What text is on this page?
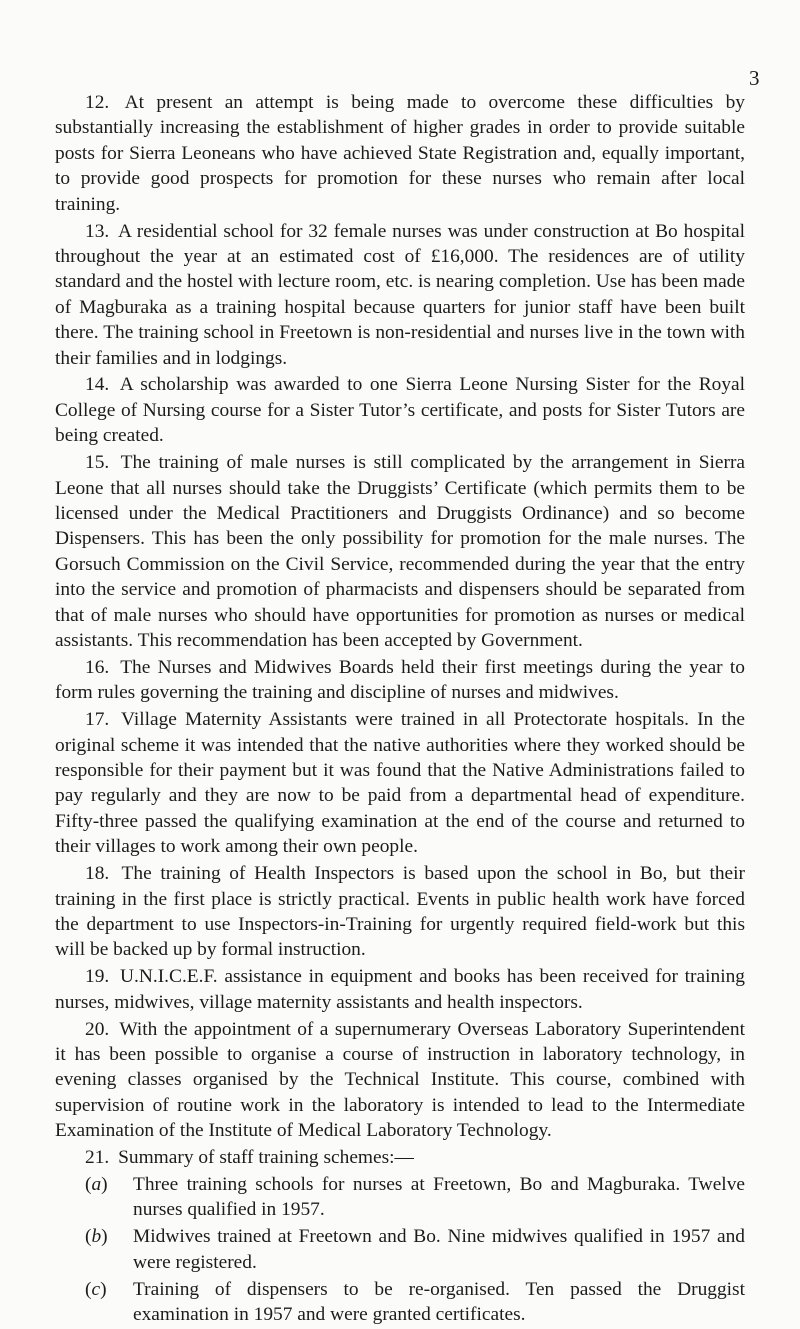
3

12. At present an attempt is being made to overcome these difficulties by substantially increasing the establishment of higher grades in order to provide suitable posts for Sierra Leoneans who have achieved State Registration and, equally important, to provide good prospects for promotion for these nurses who remain after local training.

13. A residential school for 32 female nurses was under construction at Bo hospital throughout the year at an estimated cost of £16,000. The residences are of utility standard and the hostel with lecture room, etc. is nearing completion. Use has been made of Magburaka as a training hospital because quarters for junior staff have been built there. The training school in Freetown is non-residential and nurses live in the town with their families and in lodgings.

14. A scholarship was awarded to one Sierra Leone Nursing Sister for the Royal College of Nursing course for a Sister Tutor’s certificate, and posts for Sister Tutors are being created.

15. The training of male nurses is still complicated by the arrangement in Sierra Leone that all nurses should take the Druggists’ Certificate (which permits them to be licensed under the Medical Practitioners and Druggists Ordinance) and so become Dispensers. This has been the only possibility for promotion for the male nurses. The Gorsuch Commission on the Civil Service, recommended during the year that the entry into the service and promotion of pharmacists and dispensers should be separated from that of male nurses who should have opportunities for promotion as nurses or medical assistants. This recommendation has been accepted by Government.

16. The Nurses and Midwives Boards held their first meetings during the year to form rules governing the training and discipline of nurses and midwives.

17. Village Maternity Assistants were trained in all Protectorate hospitals. In the original scheme it was intended that the native authorities where they worked should be responsible for their payment but it was found that the Native Administrations failed to pay regularly and they are now to be paid from a departmental head of expenditure. Fifty-three passed the qualifying examination at the end of the course and returned to their villages to work among their own people.

18. The training of Health Inspectors is based upon the school in Bo, but their training in the first place is strictly practical. Events in public health work have forced the department to use Inspectors-in-Training for urgently required field-work but this will be backed up by formal instruction.

19. U.N.I.C.E.F. assistance in equipment and books has been received for training nurses, midwives, village maternity assistants and health inspectors.

20. With the appointment of a supernumerary Overseas Laboratory Superintendent it has been possible to organise a course of instruction in laboratory technology, in evening classes organised by the Technical Institute. This course, combined with supervision of routine work in the laboratory is intended to lead to the Intermediate Examination of the Institute of Medical Laboratory Technology.

21. Summary of staff training schemes:—

(a) Three training schools for nurses at Freetown, Bo and Magburaka. Twelve nurses qualified in 1957.
(b) Midwives trained at Freetown and Bo. Nine midwives qualified in 1957 and were registered.
(c) Training of dispensers to be re-organised. Ten passed the Druggist examination in 1957 and were granted certificates.
